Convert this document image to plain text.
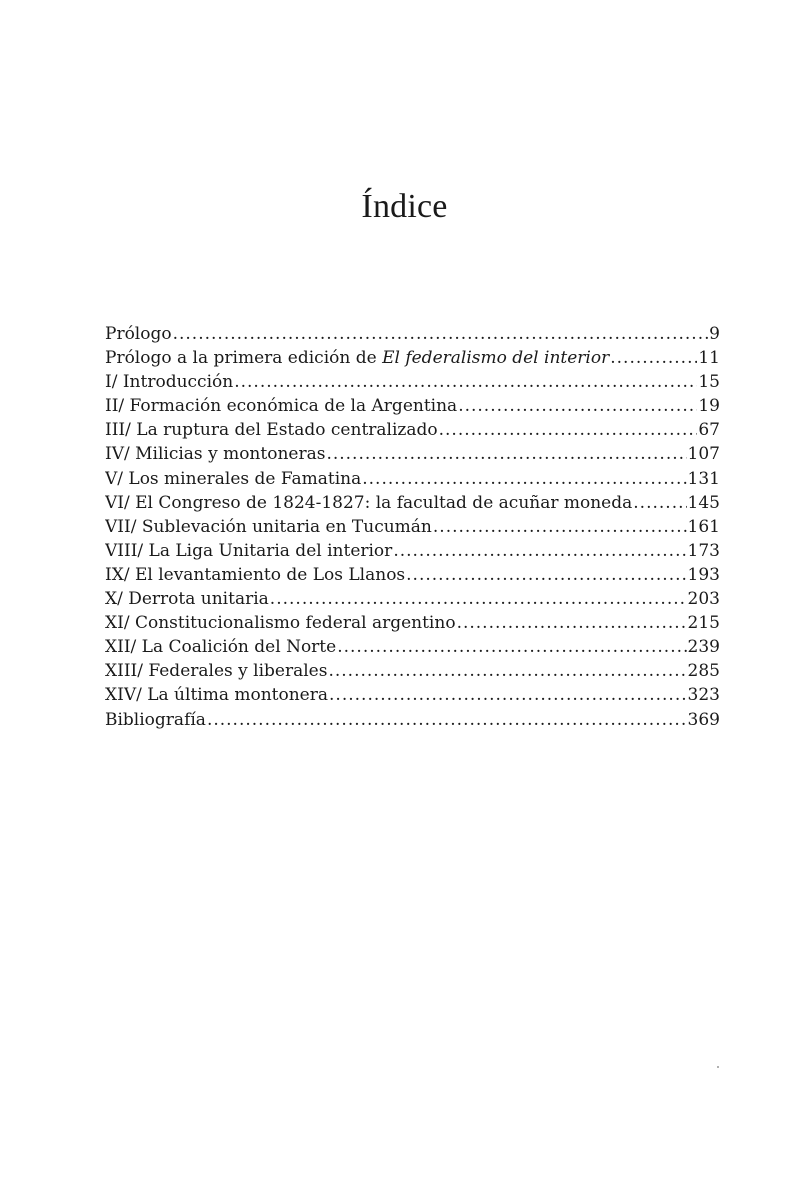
Índice
Prólogo .....	9
Prólogo a la primera edición de El federalismo del interior .....	11
I/ Introducción .....	15
II/ Formación económica de la Argentina .....	19
III/ La ruptura del Estado centralizado .....	67
IV/ Milicias y montoneras .....	107
V/ Los minerales de Famatina .....	131
VI/ El Congreso de 1824-1827: la facultad de acuñar moneda .....	145
VII/ Sublevación unitaria en Tucumán .....	161
VIII/ La Liga Unitaria del interior .....	173
IX/ El levantamiento de Los Llanos .....	193
X/ Derrota unitaria .....	203
XI/ Constitucionalismo federal argentino .....	215
XII/ La Coalición del Norte .....	239
XIII/ Federales y liberales .....	285
XIV/ La última montonera .....	323
Bibliografía .....	369
